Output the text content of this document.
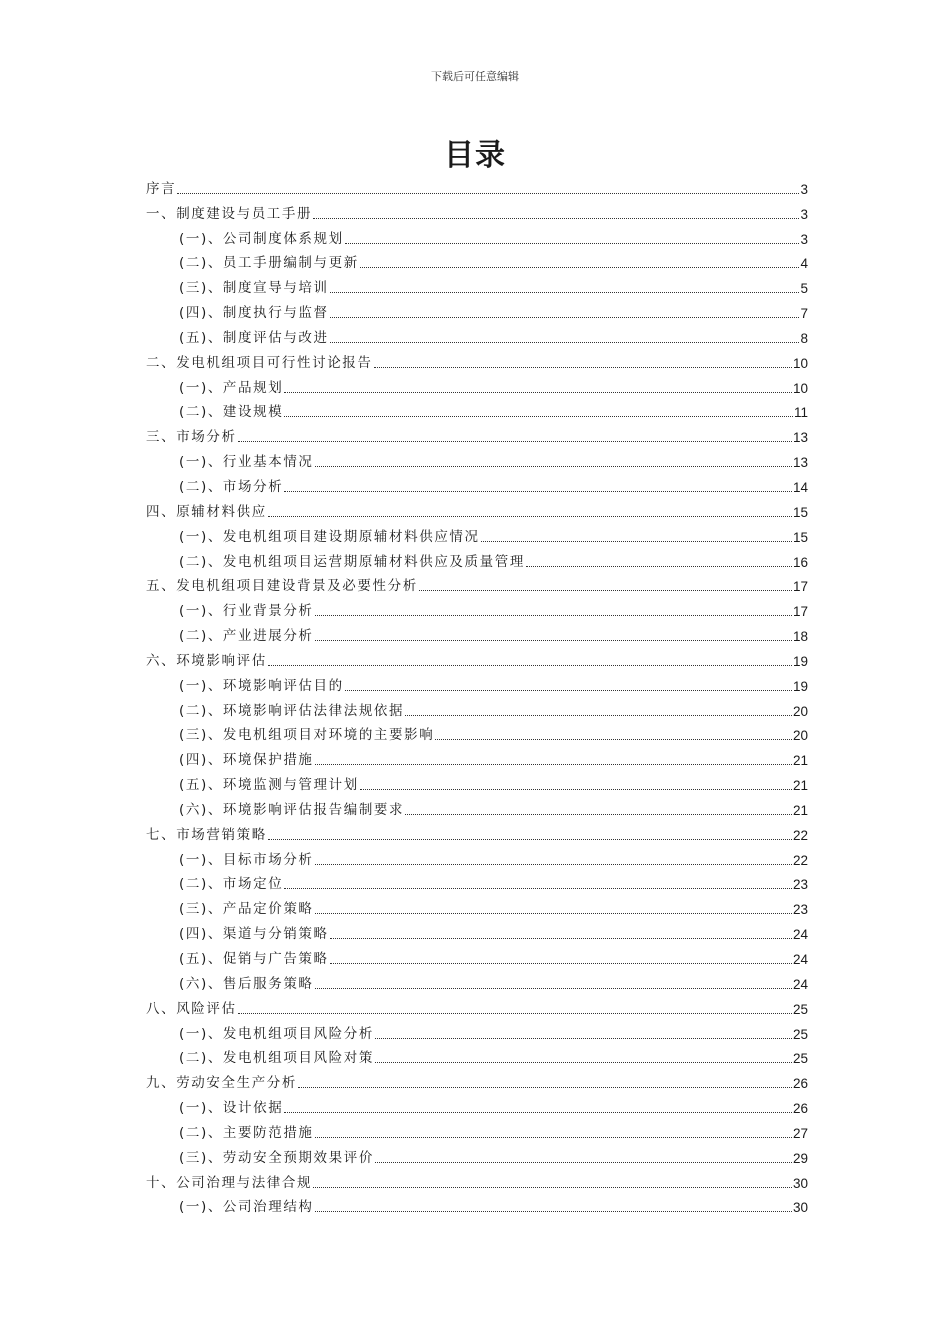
下载后可任意编辑
目录
序言	3
一、制度建设与员工手册	3
(一)、公司制度体系规划	3
(二)、员工手册编制与更新	4
(三)、制度宣导与培训	5
(四)、制度执行与监督	7
(五)、制度评估与改进	8
二、发电机组项目可行性讨论报告	10
(一)、产品规划	10
(二)、建设规模	11
三、市场分析	13
(一)、行业基本情况	13
(二)、市场分析	14
四、原辅材料供应	15
(一)、发电机组项目建设期原辅材料供应情况	15
(二)、发电机组项目运营期原辅材料供应及质量管理	16
五、发电机组项目建设背景及必要性分析	17
(一)、行业背景分析	17
(二)、产业进展分析	18
六、环境影响评估	19
(一)、环境影响评估目的	19
(二)、环境影响评估法律法规依据	20
(三)、发电机组项目对环境的主要影响	20
(四)、环境保护措施	21
(五)、环境监测与管理计划	21
(六)、环境影响评估报告编制要求	21
七、市场营销策略	22
(一)、目标市场分析	22
(二)、市场定位	23
(三)、产品定价策略	23
(四)、渠道与分销策略	24
(五)、促销与广告策略	24
(六)、售后服务策略	24
八、风险评估	25
(一)、发电机组项目风险分析	25
(二)、发电机组项目风险对策	25
九、劳动安全生产分析	26
(一)、设计依据	26
(二)、主要防范措施	27
(三)、劳动安全预期效果评价	29
十、公司治理与法律合规	30
(一)、公司治理结构	30
